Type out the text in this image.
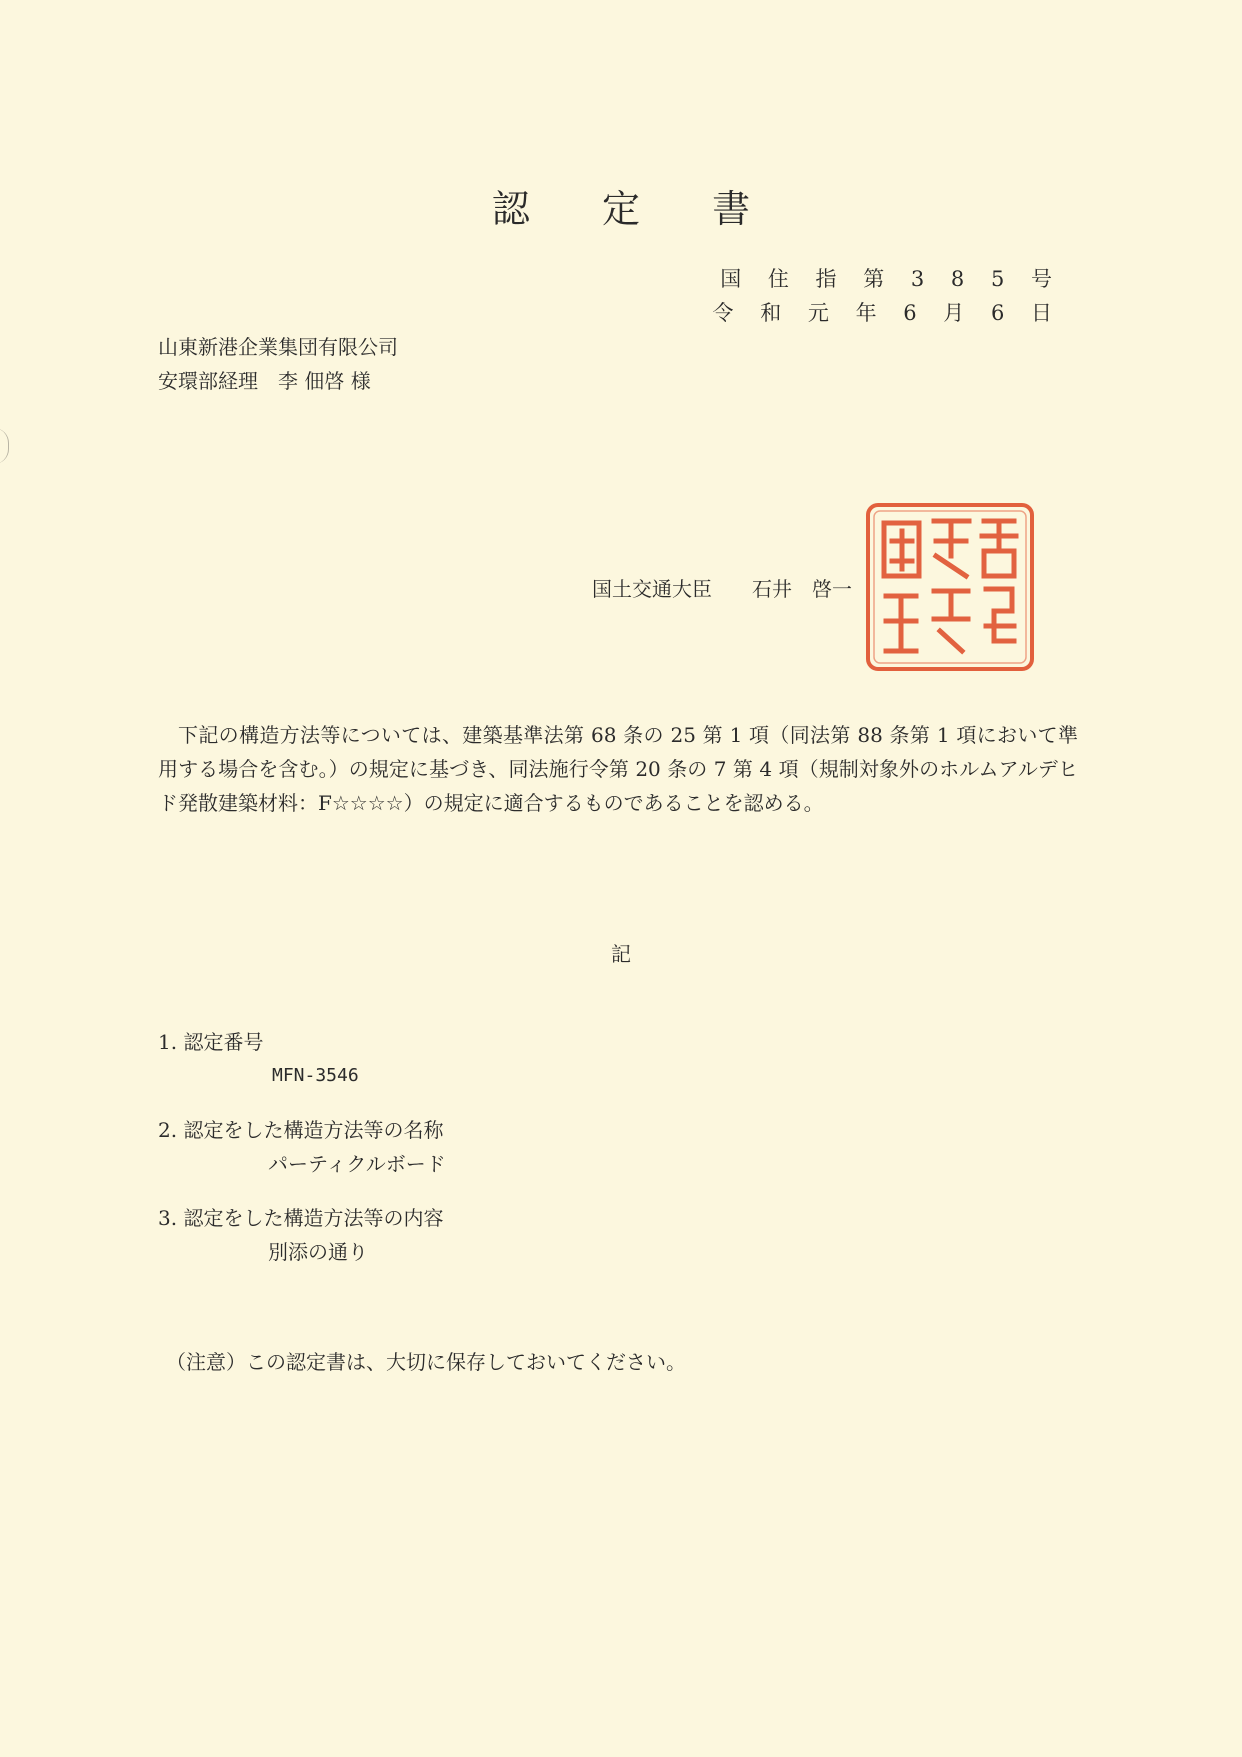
認 定 書
国 住 指 第 3 8 5 号
令 和 元 年 6 月 6 日
山東新港企業集団有限公司
安環部経理　李 佃啓 様
国土交通大臣　　 石井　啓一
下記の構造方法等については、建築基準法第 68 条の 25 第 1 項（同法第 88 条第 1 項において準用する場合を含む。）の規定に基づき、同法施行令第 20 条の 7 第 4 項（規制対象外のホルムアルデヒド発散建築材料：F☆☆☆☆）の規定に適合するものであることを認める。
記
1. 認定番号
MFN-3546
2. 認定をした構造方法等の名称
パーティクルボード
3. 認定をした構造方法等の内容
別添の通り
（注意）この認定書は、大切に保存しておいてください。
